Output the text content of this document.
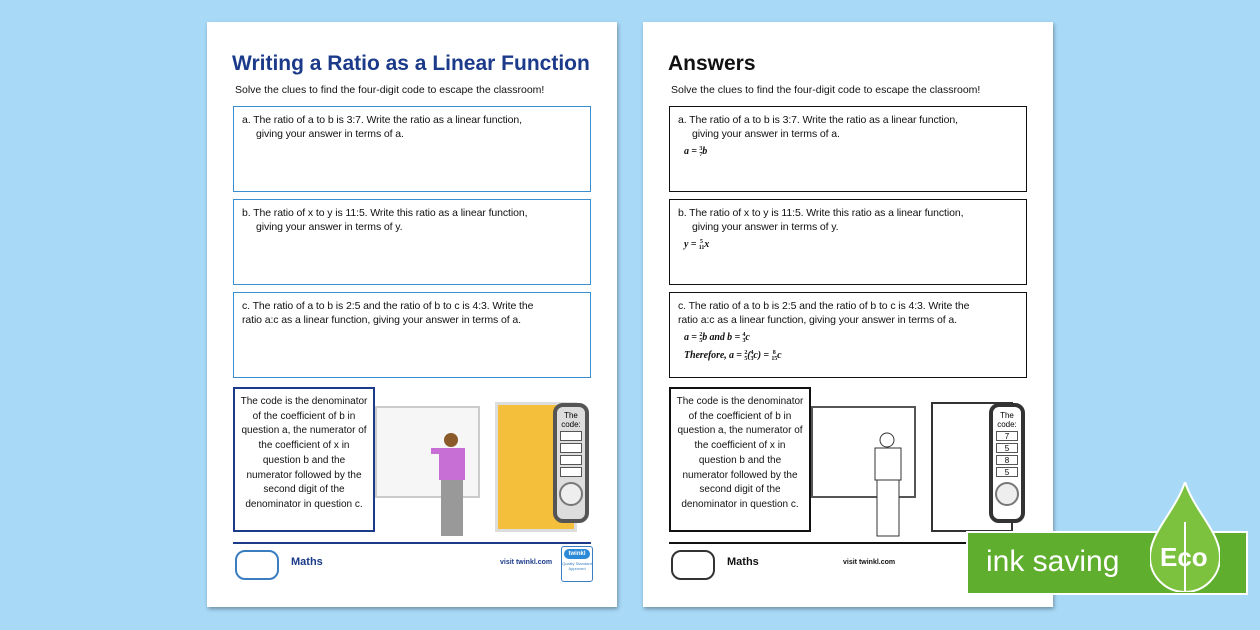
Writing a Ratio as a Linear Function
Solve the clues to find the four-digit code to escape the classroom!
a. The ratio of a to b is 3:7. Write the ratio as a linear function,
giving your answer in terms of a.
b. The ratio of x to y is 11:5. Write this ratio as a linear function,
giving your answer in terms of y.
c. The ratio of a to b is 2:5 and the ratio of b to c is 4:3. Write the
ratio a:c as a linear function, giving your answer in terms of a.
The code is the denominator of the coefficient of b in question a, the numerator of the coefficient of x in question b and the numerator followed by the second digit of the denominator in question c.
The code:
Maths	visit twinkl.com
twinkl
Quality Standard Approved
Answers
Solve the clues to find the four-digit code to escape the classroom!
a. The ratio of a to b is 3:7. Write the ratio as a linear function,
giving your answer in terms of a.
a = 3
7 b
b. The ratio of x to y is 11:5. Write this ratio as a linear function,
giving your answer in terms of y.
y = 5
11 x
c. The ratio of a to b is 2:5 and the ratio of b to c is 4:3. Write the
ratio a:c as a linear function, giving your answer in terms of a.
a = 2
5 b and b = 4
3 c
Therefore, a = 2
5 ( 4
3 c) = 8
15 c
The code is the denominator of the coefficient of b in question a, the numerator of the coefficient of x in question b and the numerator followed by the second digit of the denominator in question c.
The code:
7
5
8
5
Maths	visit twinkl.com	ink saving Eco
